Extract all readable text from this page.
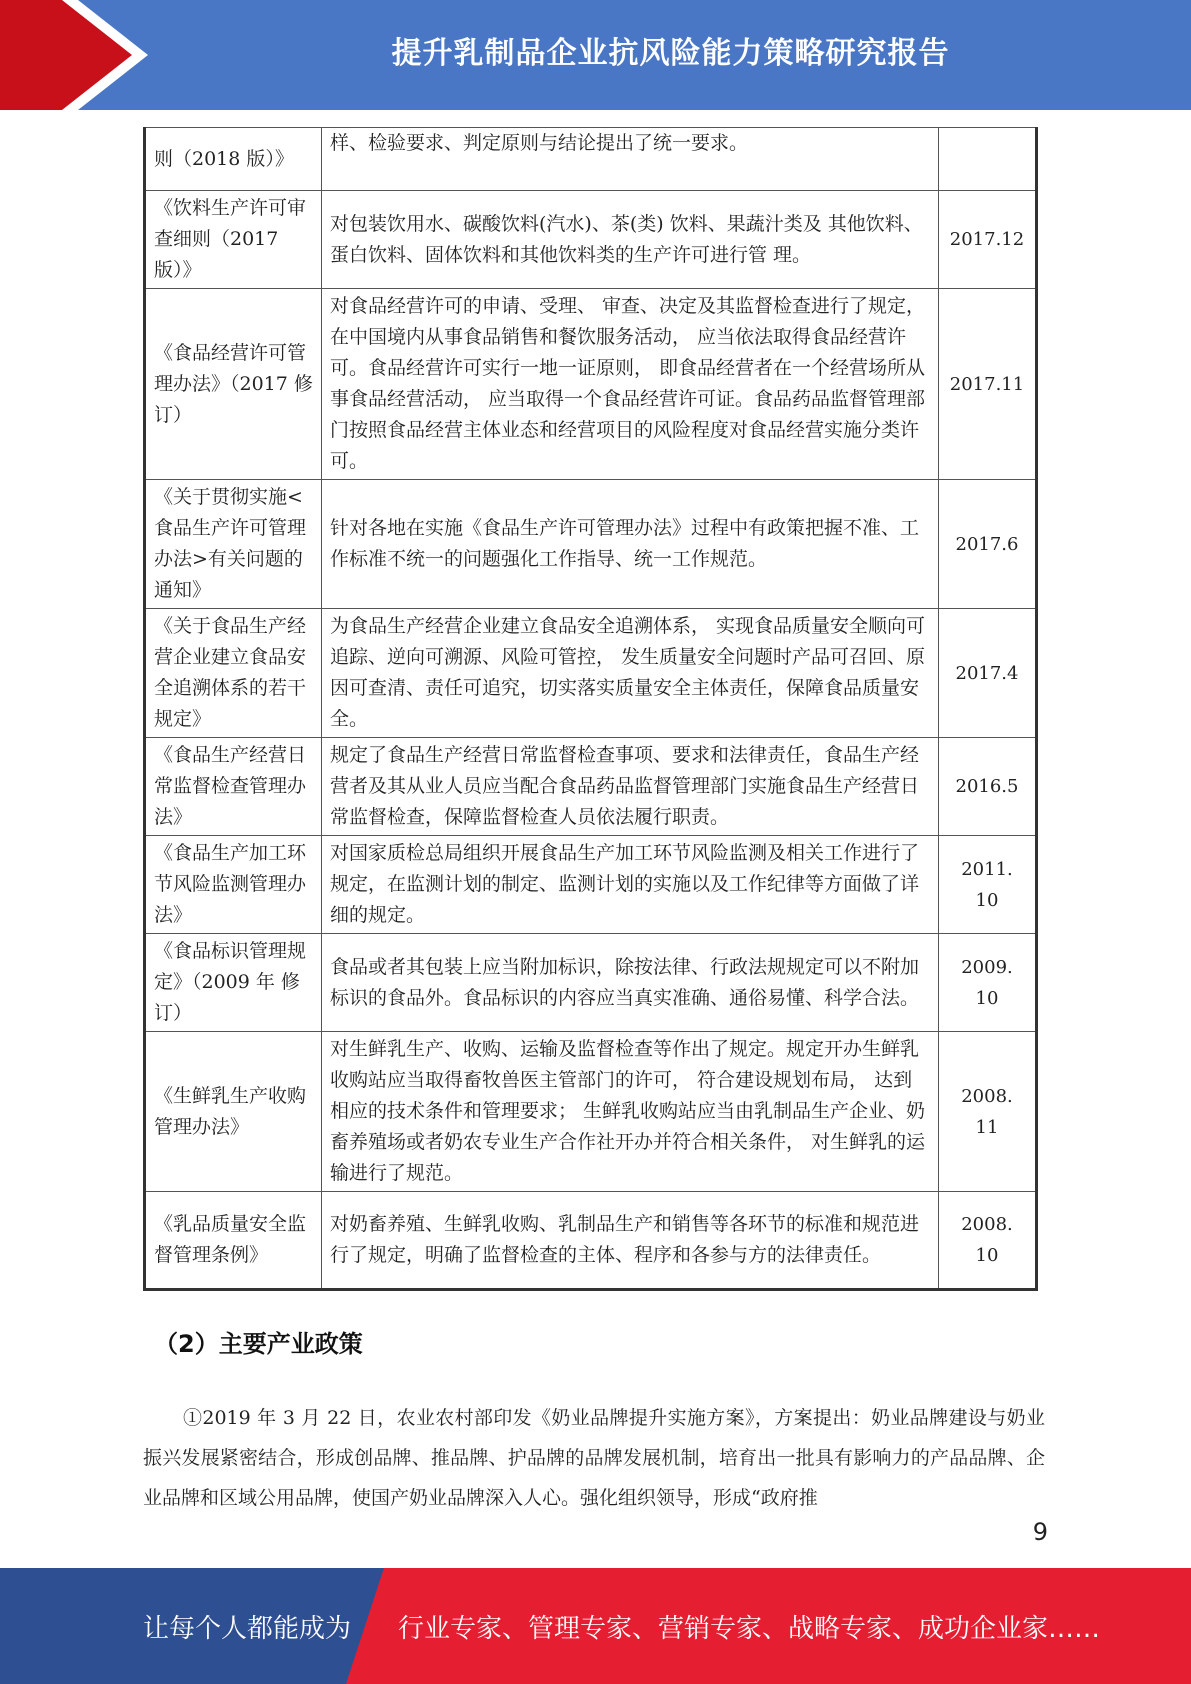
提升乳制品企业抗风险能力策略研究报告
则（2018 版）》	样、检验要求、判定原则与结论提出了统一要求。	
《饮料生产许可审查细则（2017 版）》	对包装饮用水、碳酸饮料(汽水)、茶(类) 饮料、果蔬汁类及 其他饮料、蛋白饮料、固体饮料和其他饮料类的生产许可进行管 理。	2017.12
《食品经营许可管理办法》（2017 修订）	对食品经营许可的申请、受理、 审查、决定及其监督检查进行了规定， 在中国境内从事食品销售和餐饮服务活动， 应当依法取得食品经营许可。食品经营许可实行一地一证原则， 即食品经营者在一个经营场所从事食品经营活动， 应当取得一个食品经营许可证。食品药品监督管理部门按照食品经营主体业态和经营项目的风险程度对食品经营实施分类许可。	2017.11
《关于贯彻实施<食品生产许可管理办法>有关问题的通知》	针对各地在实施《食品生产许可管理办法》过程中有政策把握不准、工作标准不统一的问题强化工作指导、统一工作规范。	2017.6
《关于食品生产经营企业建立食品安全追溯体系的若干规定》	为食品生产经营企业建立食品安全追溯体系， 实现食品质量安全顺向可追踪、逆向可溯源、风险可管控， 发生质量安全问题时产品可召回、原因可查清、责任可追究，切实落实质量安全主体责任，保障食品质量安全。	2017.4
《食品生产经营日常监督检查管理办法》	规定了食品生产经营日常监督检查事项、要求和法律责任，食品生产经营者及其从业人员应当配合食品药品监督管理部门实施食品生产经营日常监督检查，保障监督检查人员依法履行职责。	2016.5
《食品生产加工环节风险监测管理办法》	对国家质检总局组织开展食品生产加工环节风险监测及相关工作进行了规定，在监测计划的制定、监测计划的实施以及工作纪律等方面做了详细的规定。	2011. 10
《食品标识管理规定》（2009 年 修订）	食品或者其包装上应当附加标识，除按法律、行政法规规定可以不附加标识的食品外。食品标识的内容应当真实准确、通俗易懂、科学合法。	2009. 10
《生鲜乳生产收购管理办法》	对生鲜乳生产、收购、运输及监督检查等作出了规定。规定开办生鲜乳收购站应当取得畜牧兽医主管部门的许可， 符合建设规划布局， 达到相应的技术条件和管理要求； 生鲜乳收购站应当由乳制品生产企业、奶畜养殖场或者奶农专业生产合作社开办并符合相关条件， 对生鲜乳的运输进行了规范。	2008. 11
《乳品质量安全监督管理条例》	对奶畜养殖、生鲜乳收购、乳制品生产和销售等各环节的标准和规范进行了规定，明确了监督检查的主体、程序和各参与方的法律责任。	2008. 10
（2）主要产业政策
①2019 年 3 月 22 日，农业农村部印发《奶业品牌提升实施方案》，方案提出：奶业品牌建设与奶业振兴发展紧密结合，形成创品牌、推品牌、护品牌的品牌发展机制，培育出一批具有影响力的产品品牌、企业品牌和区域公用品牌，使国产奶业品牌深入人心。强化组织领导，形成“政府推
9
让每个人都能成为 行业专家、管理专家、营销专家、战略专家、成功企业家……
